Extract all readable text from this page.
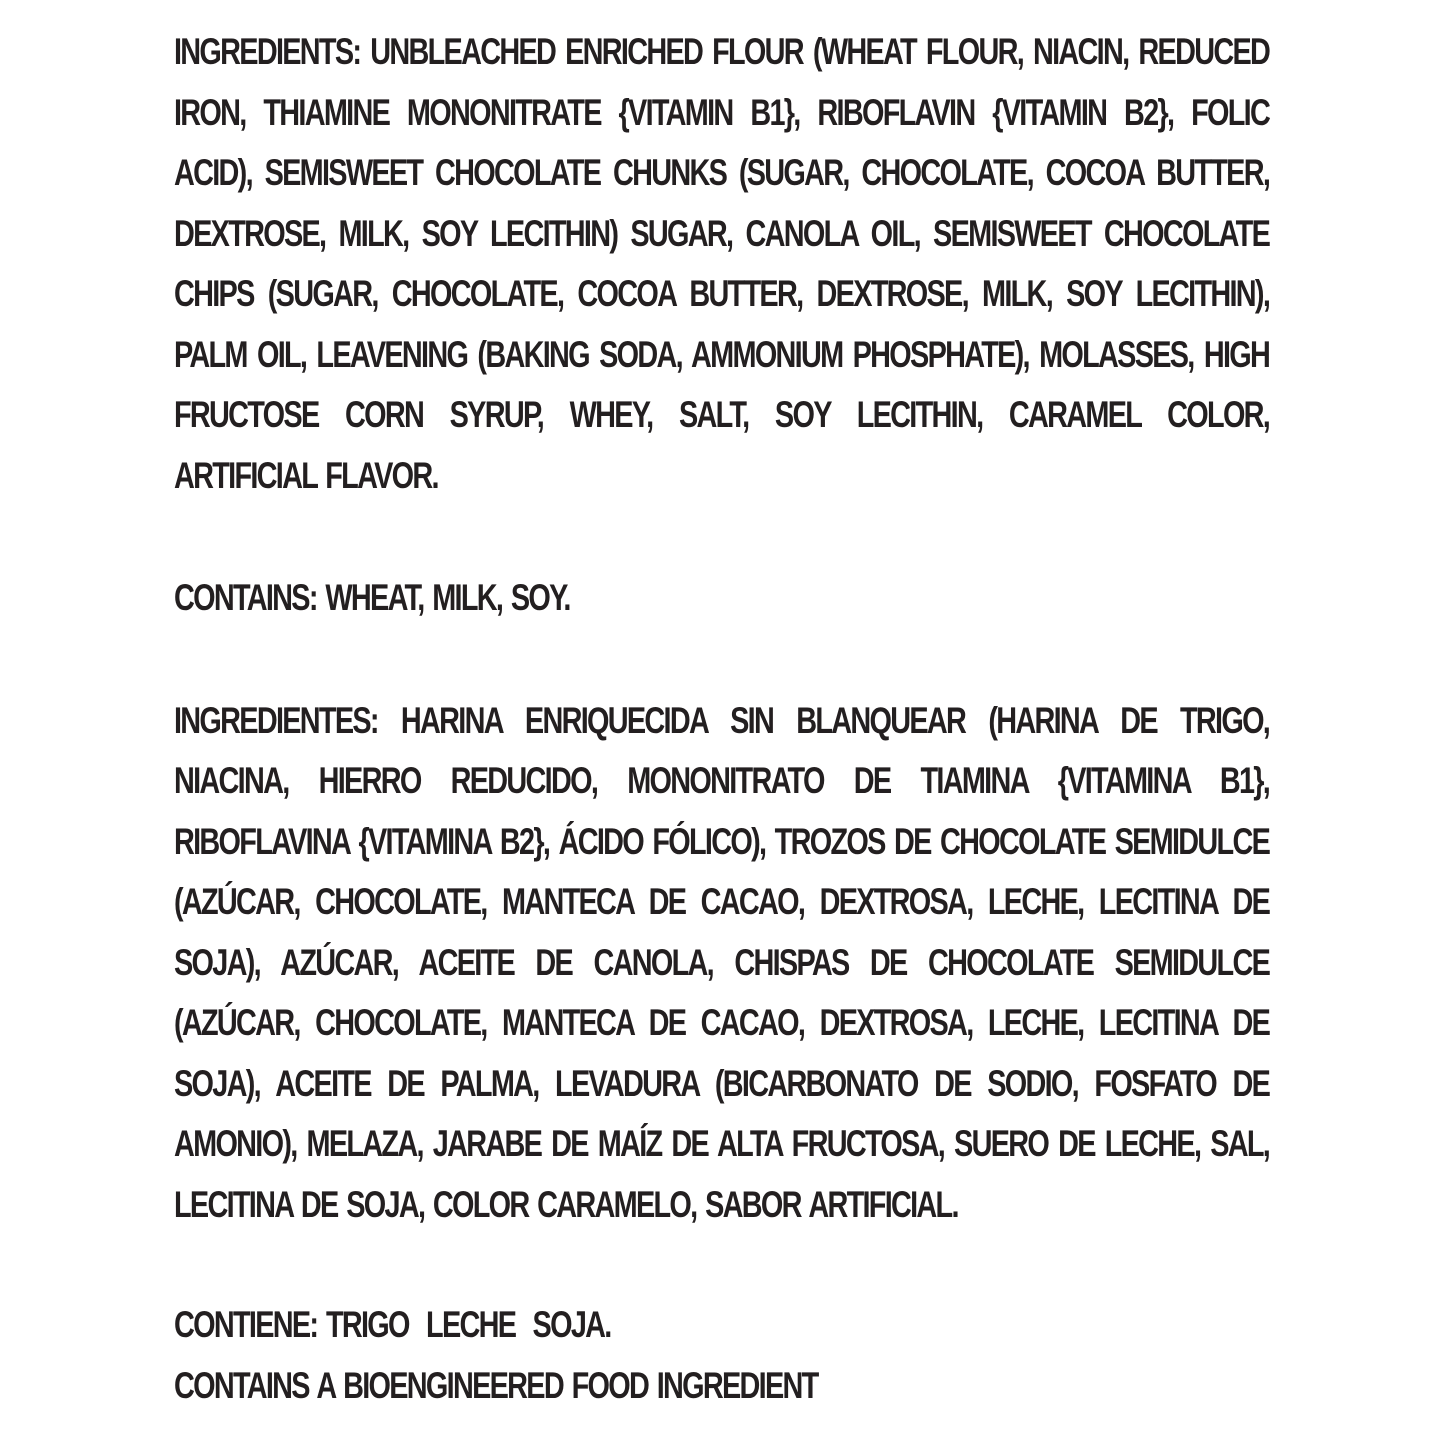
INGREDIENTS: UNBLEACHED ENRICHED FLOUR (WHEAT FLOUR, NIACIN, REDUCED IRON, THIAMINE MONONITRATE {VITAMIN B1}, RIBOFLAVIN {VITAMIN B2}, FOLIC ACID), SEMISWEET CHOCOLATE CHUNKS (SUGAR, CHOCOLATE, COCOA BUTTER, DEXTROSE, MILK, SOY LECITHIN) SUGAR, CANOLA OIL, SEMISWEET CHOCOLATE CHIPS (SUGAR, CHOCOLATE, COCOA BUTTER, DEXTROSE, MILK, SOY LECITHIN), PALM OIL, LEAVENING (BAKING SODA, AMMONIUM PHOSPHATE), MOLASSES, HIGH FRUCTOSE CORN SYRUP, WHEY, SALT, SOY LECITHIN, CARAMEL COLOR, ARTIFICIAL FLAVOR.

CONTAINS: WHEAT, MILK, SOY.

INGREDIENTES: HARINA ENRIQUECIDA SIN BLANQUEAR (HARINA DE TRIGO, NIACINA, HIERRO REDUCIDO, MONONITRATO DE TIAMINA {VITAMINA B1}, RIBOFLAVINA {VITAMINA B2}, ÁCIDO FÓLICO), TROZOS DE CHOCOLATE SEMIDULCE (AZÚCAR, CHOCOLATE, MANTECA DE CACAO, DEXTROSA, LECHE, LECITINA DE SOJA), AZÚCAR, ACEITE DE CANOLA, CHISPAS DE CHOCOLATE SEMIDULCE (AZÚCAR, CHOCOLATE, MANTECA DE CACAO, DEXTROSA, LECHE, LECITINA DE SOJA), ACEITE DE PALMA, LEVADURA (BICARBONATO DE SODIO, FOSFATO DE AMONIO), MELAZA, JARABE DE MAÍZ DE ALTA FRUCTOSA, SUERO DE LECHE, SAL, LECITINA DE SOJA, COLOR CARAMELO, SABOR ARTIFICIAL.

CONTIENE: TRIGO  LECHE  SOJA.

CONTAINS A BIOENGINEERED FOOD INGREDIENT
